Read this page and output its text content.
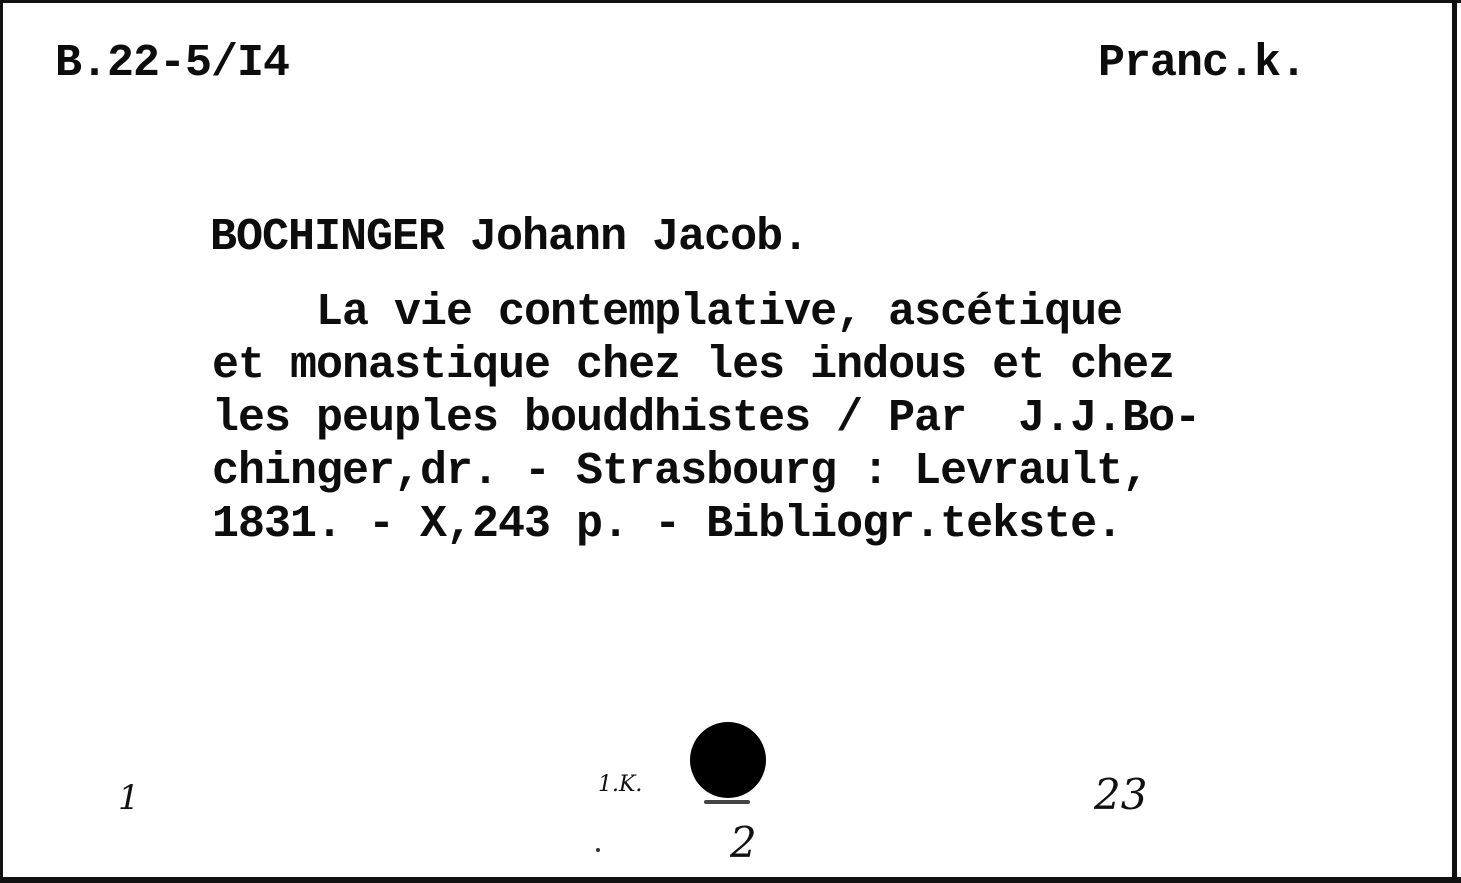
B.22-5/I4	Pranc.k.
BOCHINGER Johann Jacob.
La vie contemplative, ascétique
et monastique chez les indous et chez
les peuples bouddhistes / Par  J.J.Bo-
chinger,dr. - Strasbourg : Levrault,
1831. - X,243 p. - Bibliogr.tekste.
1	1.K.
2
23
